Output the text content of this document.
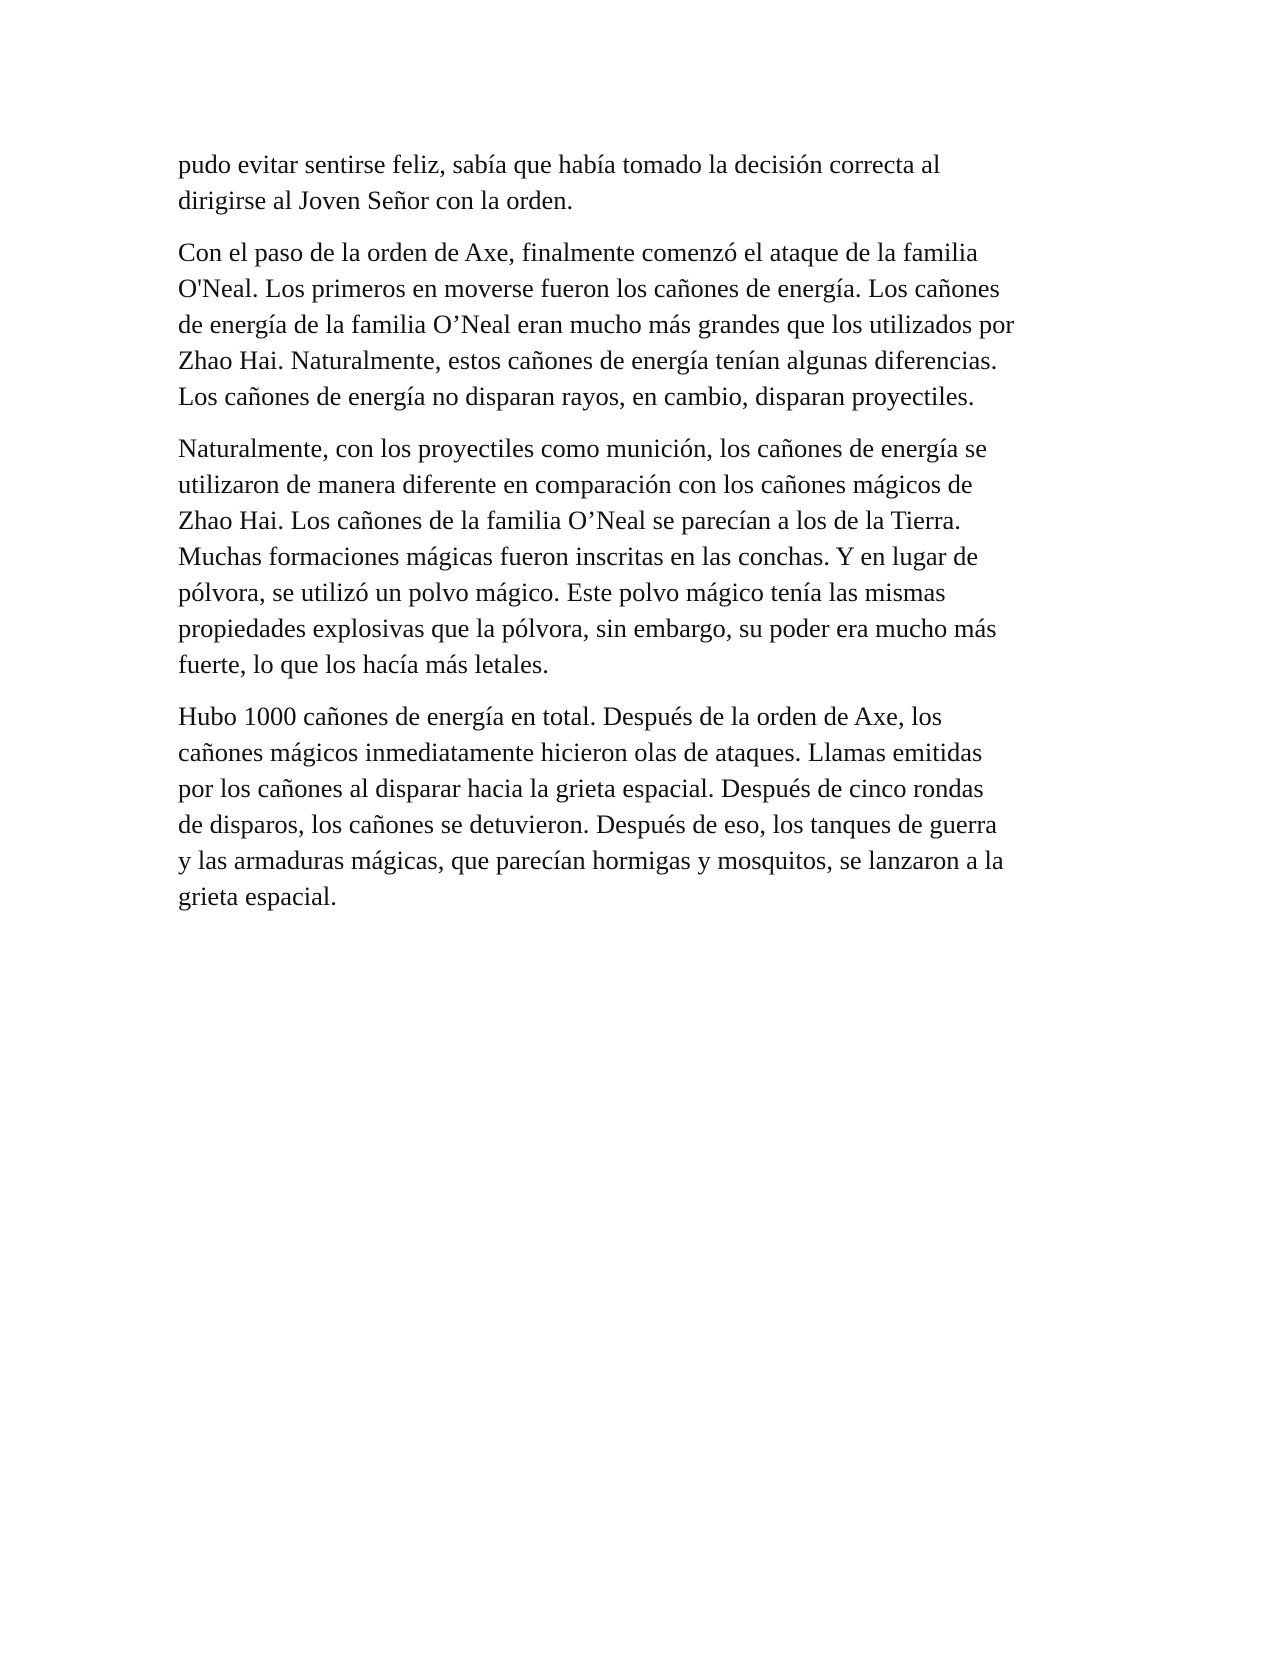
pudo evitar sentirse feliz, sabía que había tomado la decisión correcta al
dirigirse al Joven Señor con la orden.

Con el paso de la orden de Axe, finalmente comenzó el ataque de la familia
O'Neal. Los primeros en moverse fueron los cañones de energía. Los cañones
de energía de la familia O’Neal eran mucho más grandes que los utilizados por
Zhao Hai. Naturalmente, estos cañones de energía tenían algunas diferencias.
Los cañones de energía no disparan rayos, en cambio, disparan proyectiles.

Naturalmente, con los proyectiles como munición, los cañones de energía se
utilizaron de manera diferente en comparación con los cañones mágicos de
Zhao Hai. Los cañones de la familia O’Neal se parecían a los de la Tierra.
Muchas formaciones mágicas fueron inscritas en las conchas. Y en lugar de
pólvora, se utilizó un polvo mágico. Este polvo mágico tenía las mismas
propiedades explosivas que la pólvora, sin embargo, su poder era mucho más
fuerte, lo que los hacía más letales.

Hubo 1000 cañones de energía en total. Después de la orden de Axe, los
cañones mágicos inmediatamente hicieron olas de ataques. Llamas emitidas
por los cañones al disparar hacia la grieta espacial. Después de cinco rondas
de disparos, los cañones se detuvieron. Después de eso, los tanques de guerra
y las armaduras mágicas, que parecían hormigas y mosquitos, se lanzaron a la
grieta espacial.
